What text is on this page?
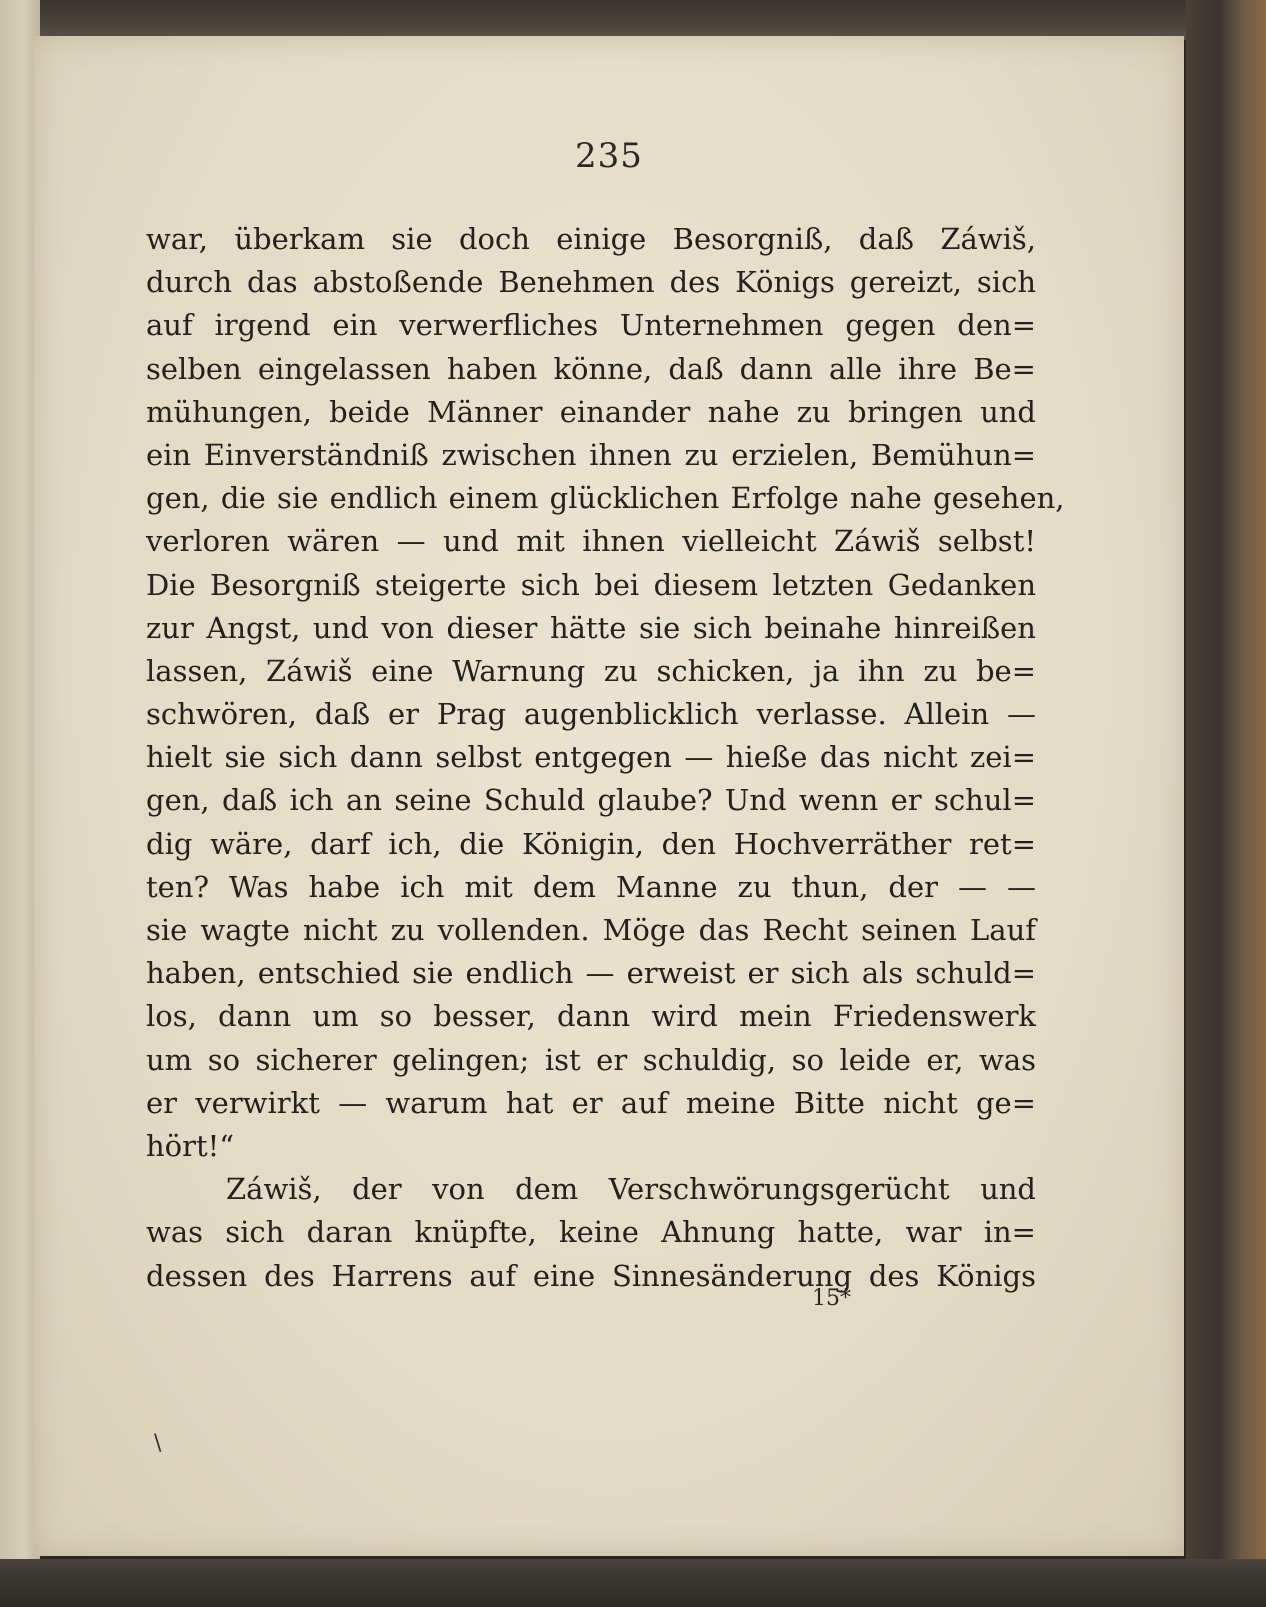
235
war, überkam sie doch einige Besorgniß, daß Záwiš,
durch das abstoßende Benehmen des Königs gereizt, sich
auf irgend ein verwerfliches Unternehmen gegen den=
selben eingelassen haben könne, daß dann alle ihre Be=
mühungen, beide Männer einander nahe zu bringen und
ein Einverständniß zwischen ihnen zu erzielen, Bemühun=
gen, die sie endlich einem glücklichen Erfolge nahe gesehen,
verloren wären — und mit ihnen vielleicht Záwiš selbst!
Die Besorgniß steigerte sich bei diesem letzten Gedanken
zur Angst, und von dieser hätte sie sich beinahe hinreißen
lassen, Záwiš eine Warnung zu schicken, ja ihn zu be=
schwören, daß er Prag augenblicklich verlasse. Allein —
hielt sie sich dann selbst entgegen — hieße das nicht zei=
gen, daß ich an seine Schuld glaube? Und wenn er schul=
dig wäre, darf ich, die Königin, den Hochverräther ret=
ten? Was habe ich mit dem Manne zu thun, der — —
sie wagte nicht zu vollenden. Möge das Recht seinen Lauf
haben, entschied sie endlich — erweist er sich als schuld=
los, dann um so besser, dann wird mein Friedenswerk
um so sicherer gelingen; ist er schuldig, so leide er, was
er verwirkt — warum hat er auf meine Bitte nicht ge=
hört!“
Záwiš, der von dem Verschwörungsgerücht und
was sich daran knüpfte, keine Ahnung hatte, war in=
dessen des Harrens auf eine Sinnesänderung des Königs
15*
\
